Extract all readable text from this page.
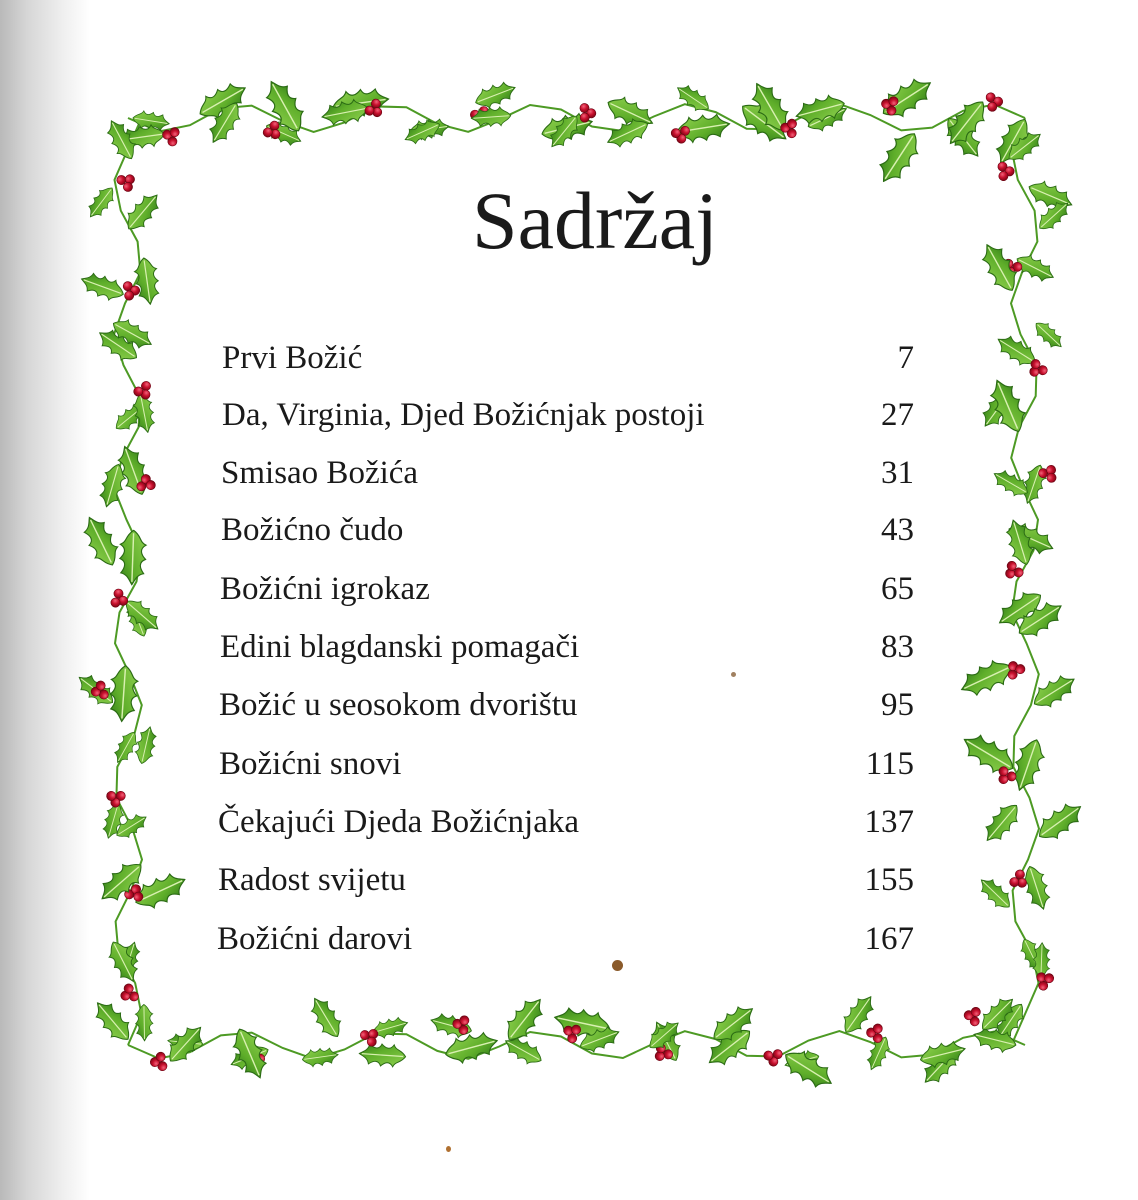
Sadržaj
Prvi Božić	7
Da, Virginia, Djed Božićnjak postoji	27
Smisao Božića	31
Božićno čudo	43
Božićni igrokaz	65
Edini blagdanski pomagači	83
Božić u seosokom dvorištu	95
Božićni snovi	115
Čekajući Djeda Božićnjaka	137
Radost svijetu	155
Božićni darovi	167
